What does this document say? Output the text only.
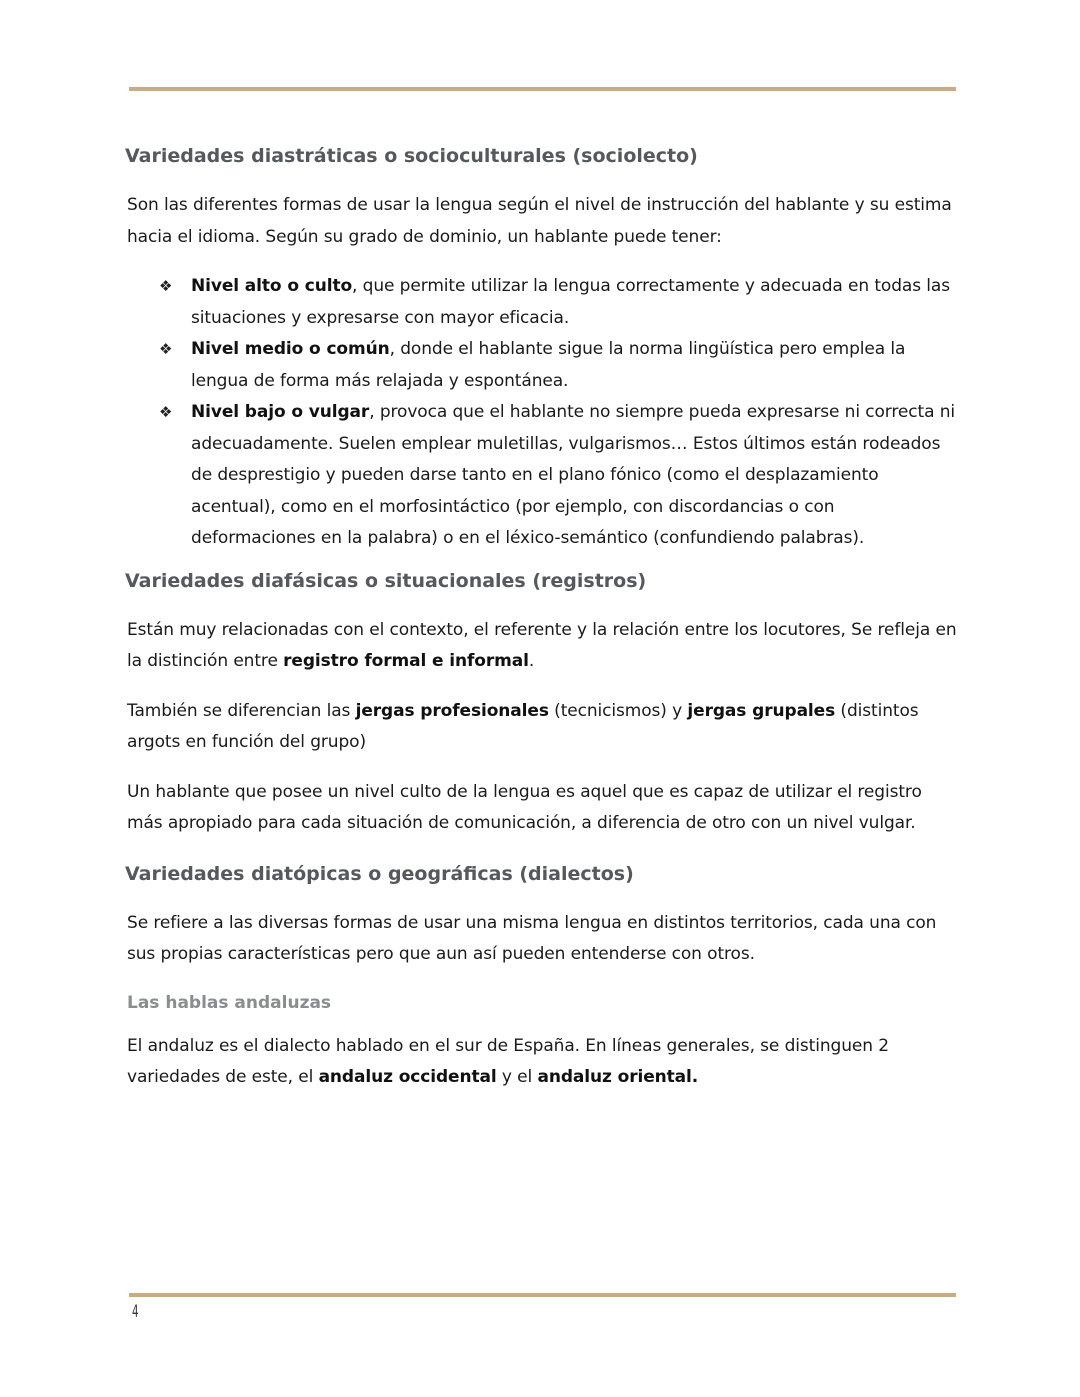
Variedades diastráticas o socioculturales (sociolecto)

Son las diferentes formas de usar la lengua según el nivel de instrucción del hablante y su estima hacia el idioma. Según su grado de dominio, un hablante puede tener:

❖ Nivel alto o culto, que permite utilizar la lengua correctamente y adecuada en todas las situaciones y expresarse con mayor eficacia.
❖ Nivel medio o común, donde el hablante sigue la norma lingüística pero emplea la lengua de forma más relajada y espontánea.
❖ Nivel bajo o vulgar, provoca que el hablante no siempre pueda expresarse ni correcta ni adecuadamente. Suelen emplear muletillas, vulgarismos… Estos últimos están rodeados de desprestigio y pueden darse tanto en el plano fónico (como el desplazamiento acentual), como en el morfosintáctico (por ejemplo, con discordancias o con deformaciones en la palabra) o en el léxico-semántico (confundiendo palabras).
Variedades diafásicas o situacionales (registros)

Están muy relacionadas con el contexto, el referente y la relación entre los locutores, Se refleja en la distinción entre registro formal e informal.

También se diferencian las jergas profesionales (tecnicismos) y jergas grupales (distintos argots en función del grupo)

Un hablante que posee un nivel culto de la lengua es aquel que es capaz de utilizar el registro más apropiado para cada situación de comunicación, a diferencia de otro con un nivel vulgar.

Variedades diatópicas o geográficas (dialectos)

Se refiere a las diversas formas de usar una misma lengua en distintos territorios, cada una con sus propias características pero que aun así pueden entenderse con otros.

Las hablas andaluzas

El andaluz es el dialecto hablado en el sur de España. En líneas generales, se distinguen 2 variedades de este, el andaluz occidental y el andaluz oriental.

4
